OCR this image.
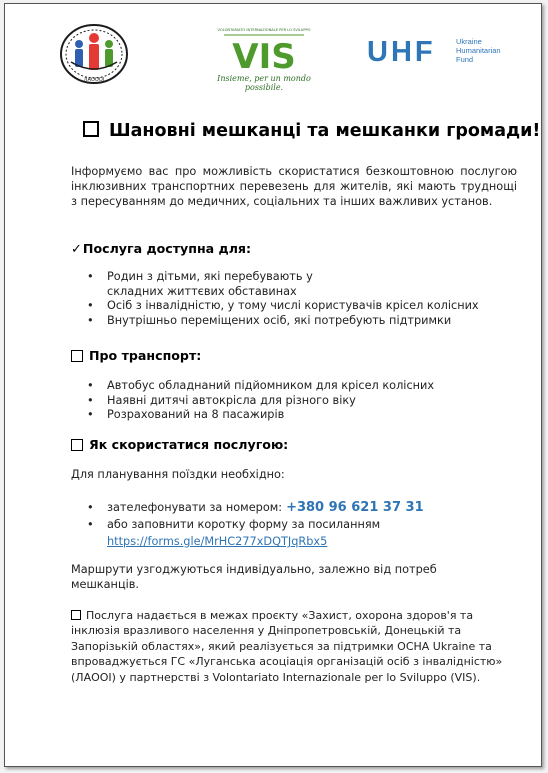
ЛАОООІ
VOLONTARIATO INTERNAZIONALE PER LO SVILUPPO
VIS
Insieme, per un mondo possibile.
UHF	Ukraine
Humanitarian
Fund
Шановні мешканці та мешканки громади!
Інформуємо вас про можливість скористатися безкоштовною послугою інклюзивних транспортних перевезень для жителів, які мають труднощі з пересуванням до медичних, соціальних та інших важливих установ.
✓Послуга доступна для:
• Родин з дітьми, які перебувають у складних життєвих обставинах
• Осіб з інвалідністю, у тому числі користувачів крісел колісних
• Внутрішньо переміщених осіб, які потребують підтримки
Про транспорт:
• Автобус обладнаний підйомником для крісел колісних
• Наявні дитячі автокрісла для різного віку
• Розрахований на 8 пасажирів
Як скористатися послугою:
Для планування поїздки необхідно:
• зателефонувати за номером: +380 96 621 37 31
• або заповнити коротку форму за посиланням
https://forms.gle/MrHC277xDQTJqRbx5
Маршрути узгоджуються індивідуально, залежно від потреб мешканців.
Послуга надається в межах проєкту «Захист, охорона здоров'я та інклюзія вразливого населення у Дніпропетровській, Донецькій та Запорізькій областях», який реалізується за підтримки OCHA Ukraine та впроваджується ГС «Луганська асоціація організацій осіб з інвалідністю» (ЛАООІ) у партнерстві з Volontariato Internazionale per lo Sviluppo (VIS).
